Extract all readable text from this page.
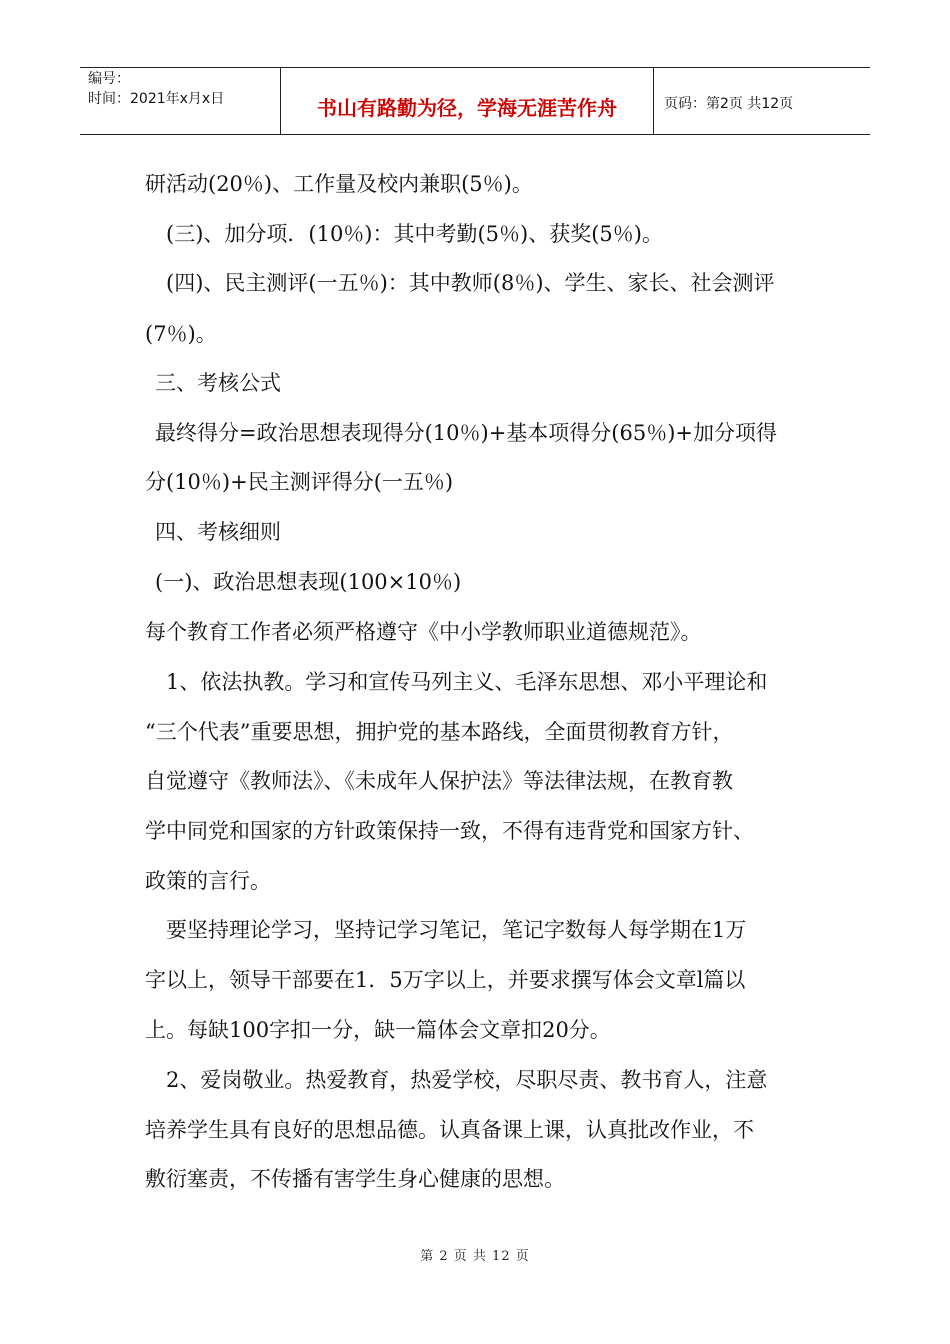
编号：
时间：2021年x月x日	书山有路勤为径，学海无涯苦作舟	页码：第2页 共12页
研活动(20％)、工作量及校内兼职(5％)。
(三)、加分项．(10％)：其中考勤(5％)、获奖(5％)。
(四)、民主测评(一五％)：其中教师(8％)、学生、家长、社会测评
(7％)。
三、考核公式
最终得分=政治思想表现得分(10％)+基本项得分(65％)+加分项得
分(10％)+民主测评得分(一五％)
四、考核细则
(一)、政治思想表现(100×10％)
每个教育工作者必须严格遵守《中小学教师职业道德规范》。
1、依法执教。学习和宣传马列主义、毛泽东思想、邓小平理论和
“三个代表”重要思想，拥护党的基本路线，全面贯彻教育方针，
自觉遵守《教师法》、《未成年人保护法》等法律法规，在教育教
学中同党和国家的方针政策保持一致，不得有违背党和国家方针、
政策的言行。
要坚持理论学习，坚持记学习笔记，笔记字数每人每学期在1万
字以上，领导干部要在1．5万字以上，并要求撰写体会文章l篇以
上。每缺100字扣一分，缺一篇体会文章扣20分。
2、爱岗敬业。热爱教育，热爱学校，尽职尽责、教书育人，注意
培养学生具有良好的思想品德。认真备课上课，认真批改作业，不
敷衍塞责，不传播有害学生身心健康的思想。
第 2 页 共 12 页
